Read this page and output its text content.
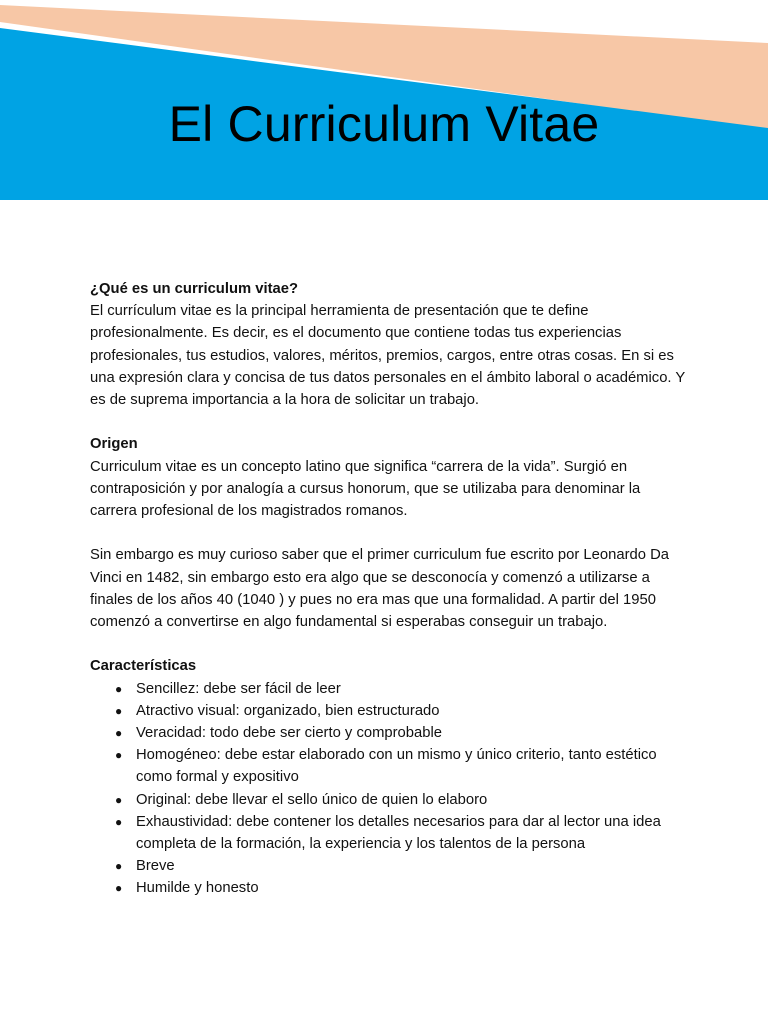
El Curriculum Vitae

¿Qué es un curriculum vitae?

El currículum vitae es la principal herramienta de presentación que te define profesionalmente. Es decir, es el documento que contiene todas tus experiencias profesionales, tus estudios, valores, méritos, premios, cargos, entre otras cosas. En si es una expresión clara y concisa de tus datos personales en el ámbito laboral o académico. Y es de suprema importancia a la hora de solicitar un trabajo.

Origen

Curriculum vitae es un concepto latino que significa “carrera de la vida”. Surgió en contraposición y por analogía a cursus honorum, que se utilizaba para denominar la carrera profesional de los magistrados romanos.

Sin embargo es muy curioso saber que el primer curriculum fue escrito por Leonardo Da Vinci en 1482, sin embargo esto era algo que se desconocía y comenzó a utilizarse a finales de los años 40 (1040 ) y pues no era mas que una formalidad. A partir del 1950 comenzó a convertirse en algo fundamental si esperabas conseguir un trabajo.

Características

● Sencillez: debe ser fácil de leer
● Atractivo visual: organizado, bien estructurado
● Veracidad: todo debe ser cierto y comprobable
● Homogéneo: debe estar elaborado con un mismo y único criterio, tanto estético como formal y expositivo
● Original: debe llevar el sello único de quien lo elaboro
● Exhaustividad: debe contener los detalles necesarios para dar al lector una idea completa de la formación, la experiencia y los talentos de la persona
● Breve
● Humilde y honesto
